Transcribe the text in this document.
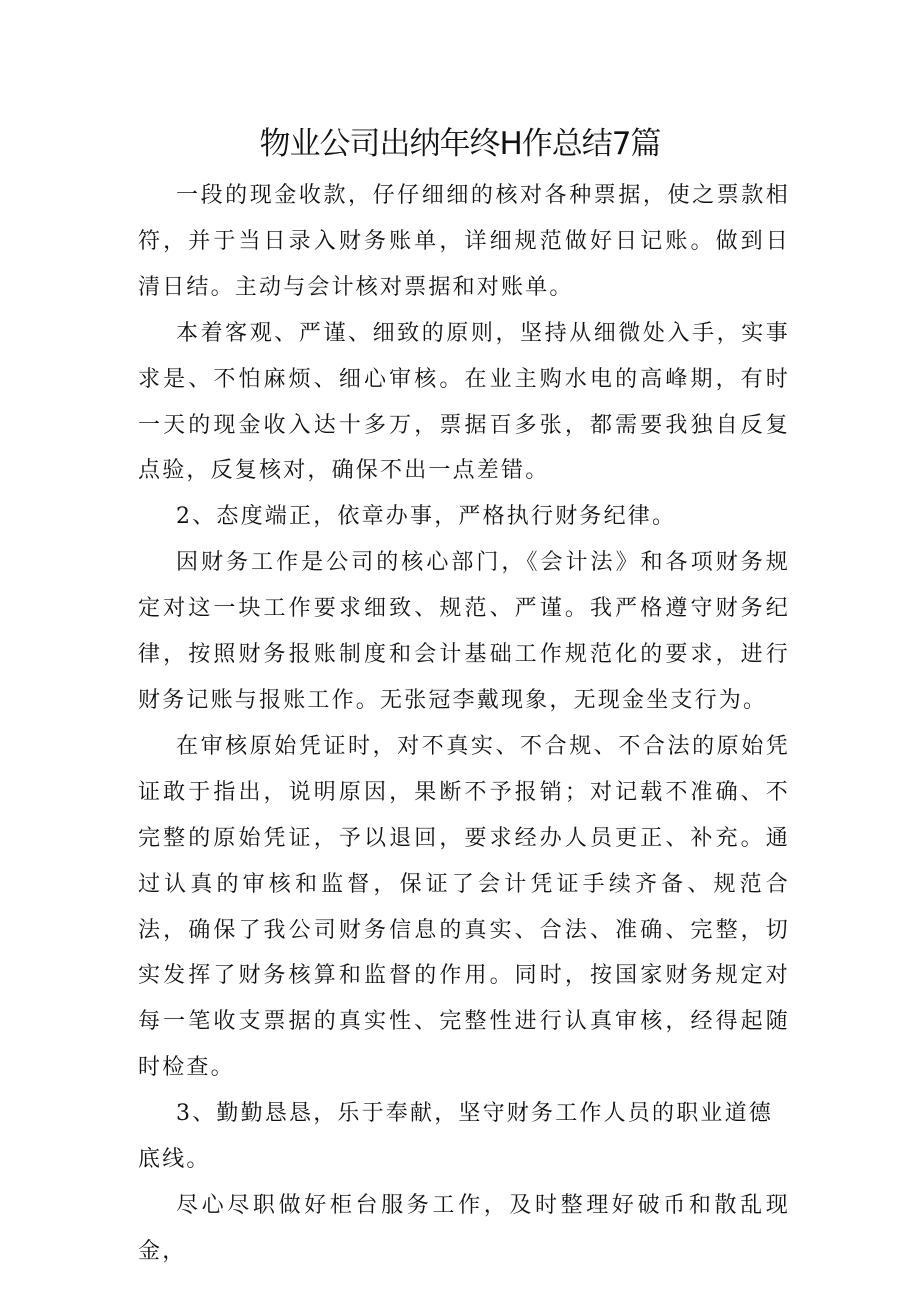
物业公司出纳年终H作总结7篇

一段的现金收款，仔仔细细的核对各种票据，使之票款相符，并于当日录入财务账单，详细规范做好日记账。做到日清日结。主动与会计核对票据和对账单。

本着客观、严谨、细致的原则，坚持从细微处入手，实事求是、不怕麻烦、细心审核。在业主购水电的高峰期，有时一天的现金收入达十多万，票据百多张，都需要我独自反复点验，反复核对，确保不出一点差错。

2、态度端正，依章办事，严格执行财务纪律。

因财务工作是公司的核心部门，《会计法》和各项财务规定对这一块工作要求细致、规范、严谨。我严格遵守财务纪律，按照财务报账制度和会计基础工作规范化的要求，进行财务记账与报账工作。无张冠李戴现象，无现金坐支行为。

在审核原始凭证时，对不真实、不合规、不合法的原始凭证敢于指出，说明原因，果断不予报销；对记载不准确、不完整的原始凭证，予以退回，要求经办人员更正、补充。通过认真的审核和监督，保证了会计凭证手续齐备、规范合法，确保了我公司财务信息的真实、合法、准确、完整，切实发挥了财务核算和监督的作用。同时，按国家财务规定对每一笔收支票据的真实性、完整性进行认真审核，经得起随时检查。

3、勤勤恳恳，乐于奉献，坚守财务工作人员的职业道德

底线。

尽心尽职做好柜台服务工作，及时整理好破币和散乱现金，
